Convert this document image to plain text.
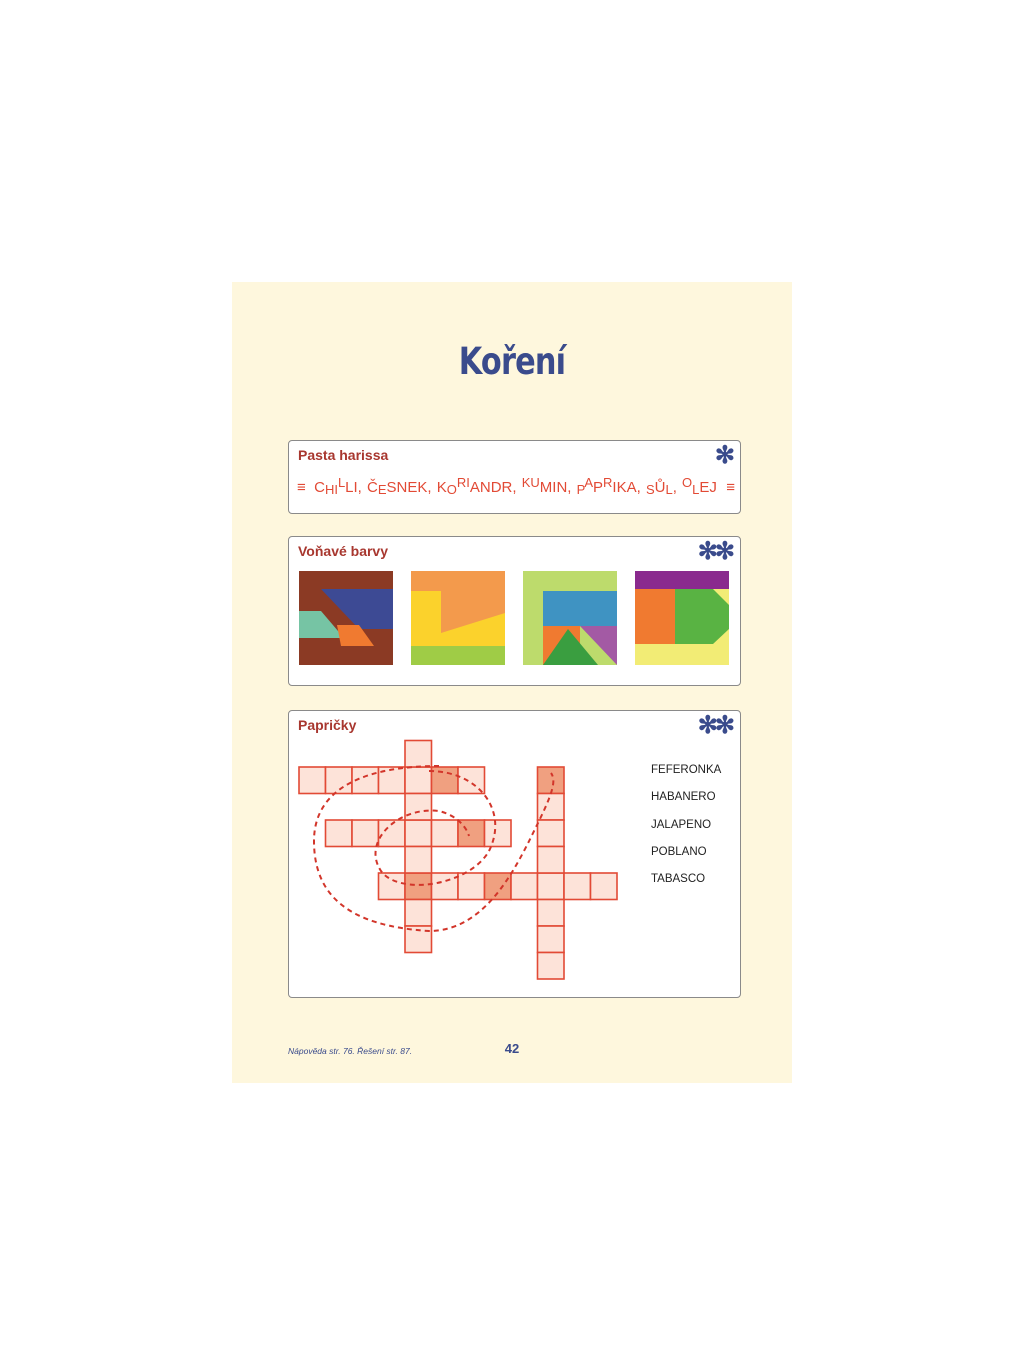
Koření
Pasta harissa	✻
≡  CHILLI, ČESNEK, KORIANDR, KUMIN, PAPRIKA, SŮL, OLEJ  ≡
Voňavé barvy	✻✻
Papričky	✻✻
FEFERONKA
HABANERO
JALAPENO
POBLANO
TABASCO
Nápověda str. 76. Řešení str. 87.	42
